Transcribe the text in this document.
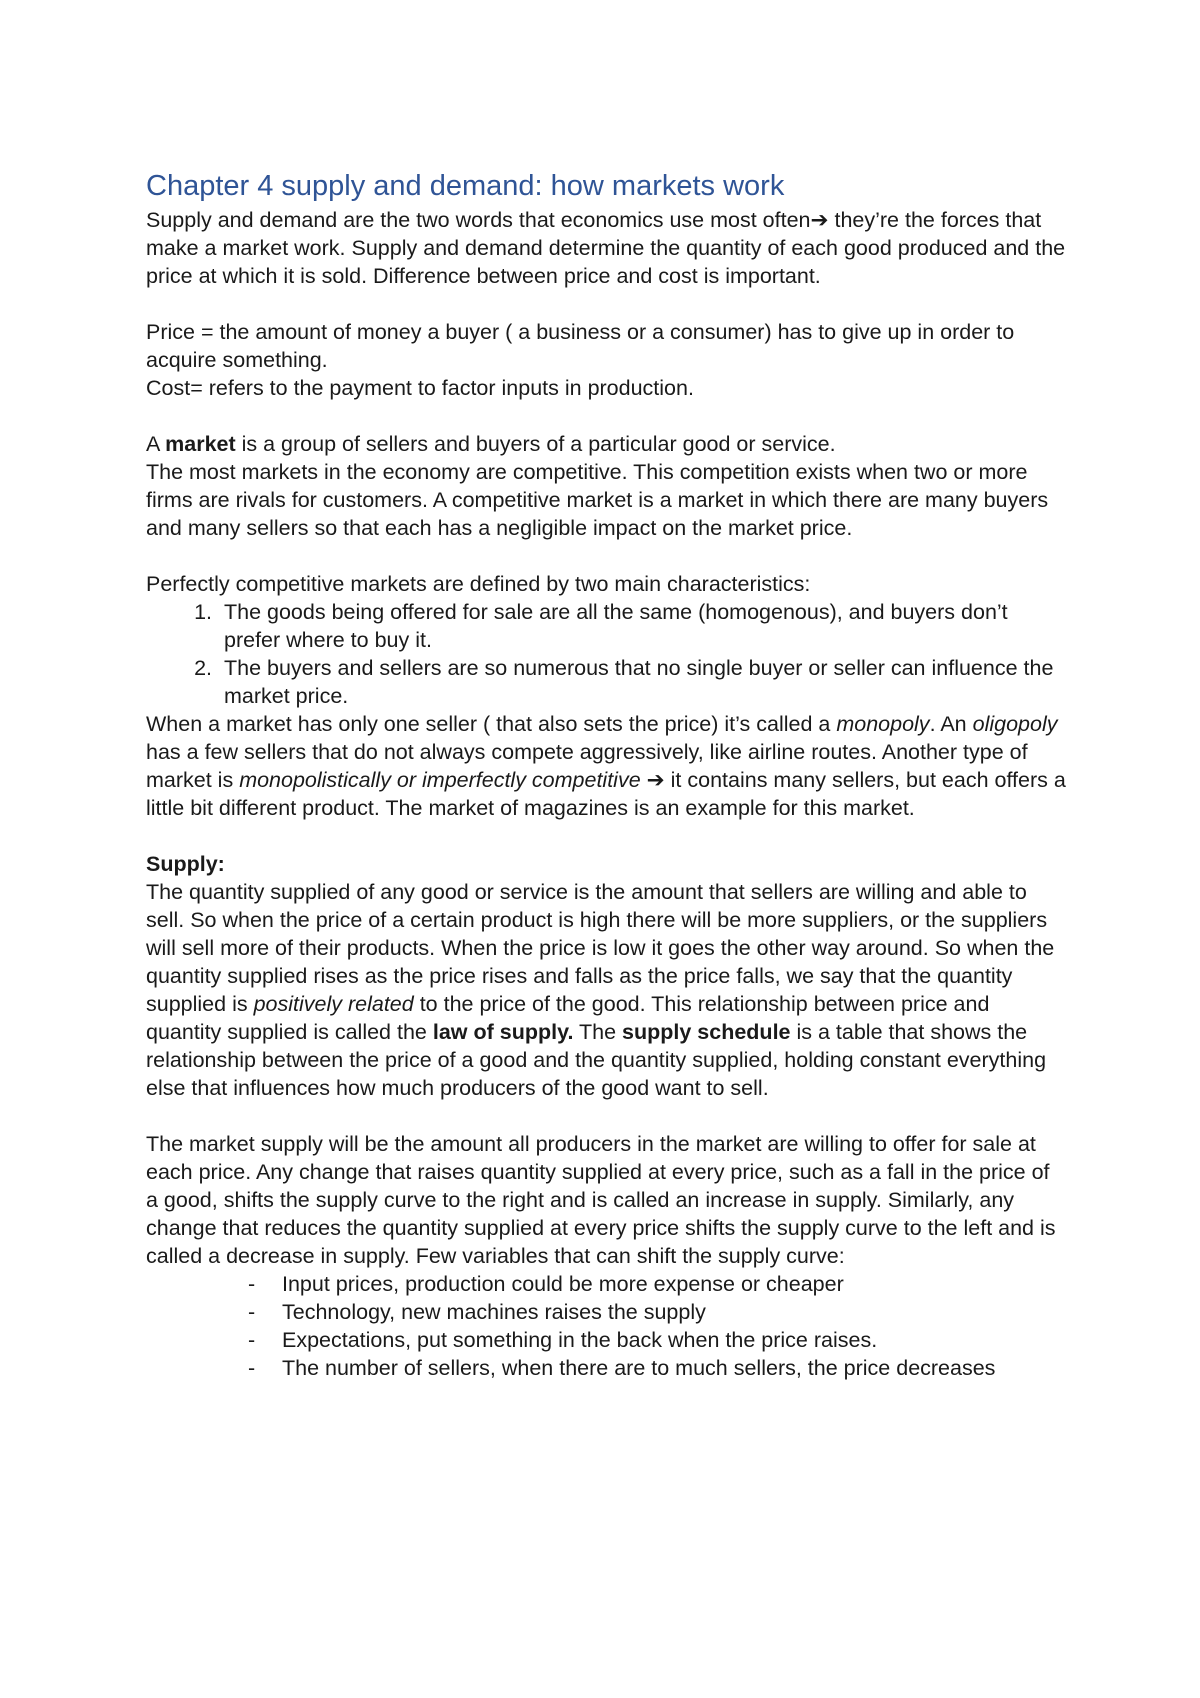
Chapter 4 supply and demand: how markets work

Supply and demand are the two words that economics use most often➔ they’re the forces that make a market work. Supply and demand determine the quantity of each good produced and the price at which it is sold. Difference between price and cost is important.

Price = the amount of money a buyer ( a business or a consumer) has to give up in order to acquire something.

Cost= refers to the payment to factor inputs in production.

A market is a group of sellers and buyers of a particular good or service.

The most markets in the economy are competitive. This competition exists when two or more firms are rivals for customers. A competitive market is a market in which there are many buyers and many sellers so that each has a negligible impact on the market price.

Perfectly competitive markets are defined by two main characteristics:

1. The goods being offered for sale are all the same (homogenous), and buyers don’t prefer where to buy it.
2. The buyers and sellers are so numerous that no single buyer or seller can influence the market price.

When a market has only one seller ( that also sets the price) it’s called a monopoly. An oligopoly has a few sellers that do not always compete aggressively, like airline routes. Another type of market is monopolistically or imperfectly competitive ➔ it contains many sellers, but each offers a little bit different product. The market of magazines is an example for this market.

Supply:

The quantity supplied of any good or service is the amount that sellers are willing and able to sell. So when the price of a certain product is high there will be more suppliers, or the suppliers will sell more of their products. When the price is low it goes the other way around. So when the quantity supplied rises as the price rises and falls as the price falls, we say that the quantity supplied is positively related to the price of the good. This relationship between price and quantity supplied is called the law of supply. The supply schedule is a table that shows the relationship between the price of a good and the quantity supplied, holding constant everything else that influences how much producers of the good want to sell.

The market supply will be the amount all producers in the market are willing to offer for sale at each price. Any change that raises quantity supplied at every price, such as a fall in the price of a good, shifts the supply curve to the right and is called an increase in supply. Similarly, any change that reduces the quantity supplied at every price shifts the supply curve to the left and is called a decrease in supply. Few variables that can shift the supply curve:

- Input prices, production could be more expense or cheaper
- Technology, new machines raises the supply
- Expectations, put something in the back when the price raises.
- The number of sellers, when there are to much sellers, the price decreases
